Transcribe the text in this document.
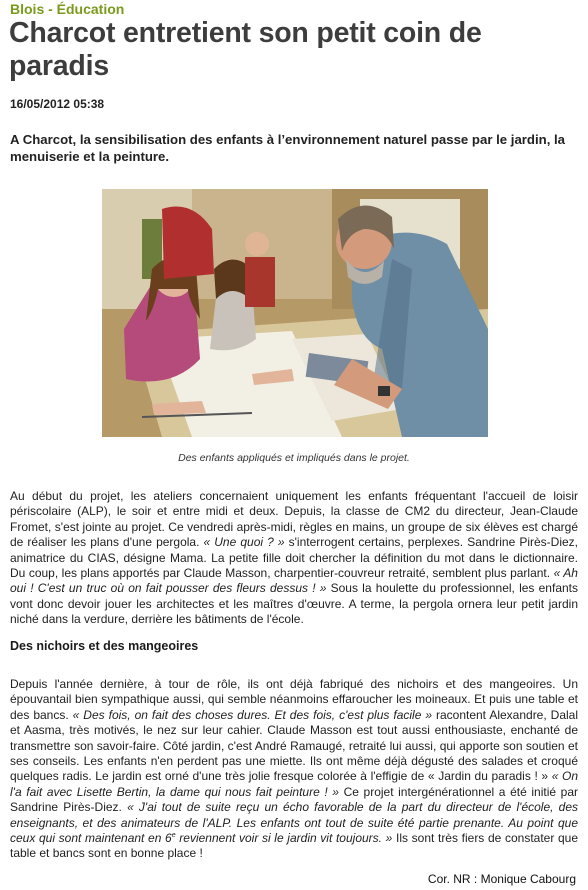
Blois - Éducation
Charcot entretient son petit coin de paradis
16/05/2012 05:38

A Charcot, la sensibilisation des enfants à l’environnement naturel passe par le jardin, la menuiserie et la peinture.

Des enfants appliqués et impliqués dans le projet.

Au début du projet, les ateliers concernaient uniquement les enfants fréquentant l'accueil de loisir périscolaire (ALP), le soir et entre midi et deux. Depuis, la classe de CM2 du directeur, Jean-Claude Fromet, s'est jointe au projet. Ce vendredi après-midi, règles en mains, un groupe de six élèves est chargé de réaliser les plans d'une pergola. « Une quoi ? » s'interrogent certains, perplexes. Sandrine Pirès-Diez, animatrice du CIAS, désigne Mama. La petite fille doit chercher la définition du mot dans le dictionnaire. Du coup, les plans apportés par Claude Masson, charpentier-couvreur retraité, semblent plus parlant. « Ah oui ! C'est un truc où on fait pousser des fleurs dessus ! » Sous la houlette du professionnel, les enfants vont donc devoir jouer les architectes et les maîtres d'œuvre. A terme, la pergola ornera leur petit jardin niché dans la verdure, derrière les bâtiments de l'école.

Des nichoirs et des mangeoires

Depuis l'année dernière, à tour de rôle, ils ont déjà fabriqué des nichoirs et des mangeoires. Un épouvantail bien sympathique aussi, qui semble néanmoins effaroucher les moineaux. Et puis une table et des bancs. « Des fois, on fait des choses dures. Et des fois, c'est plus facile » racontent Alexandre, Dalal et Aasma, très motivés, le nez sur leur cahier. Claude Masson est tout aussi enthousiaste, enchanté de transmettre son savoir-faire. Côté jardin, c'est André Ramaugé, retraité lui aussi, qui apporte son soutien et ses conseils. Les enfants n'en perdent pas une miette. Ils ont même déjà dégusté des salades et croqué quelques radis. Le jardin est orné d'une très jolie fresque colorée à l'effigie de « Jardin du paradis ! » « On l'a fait avec Lisette Bertin, la dame qui nous fait peinture ! » Ce projet intergénérationnel a été initié par Sandrine Pirès-Diez. « J'ai tout de suite reçu un écho favorable de la part du directeur de l'école, des enseignants, et des animateurs de l'ALP. Les enfants ont tout de suite été partie prenante. Au point que ceux qui sont maintenant en 6e reviennent voir si le jardin vit toujours. » Ils sont très fiers de constater que table et bancs sont en bonne place !

Cor. NR : Monique Cabourg
